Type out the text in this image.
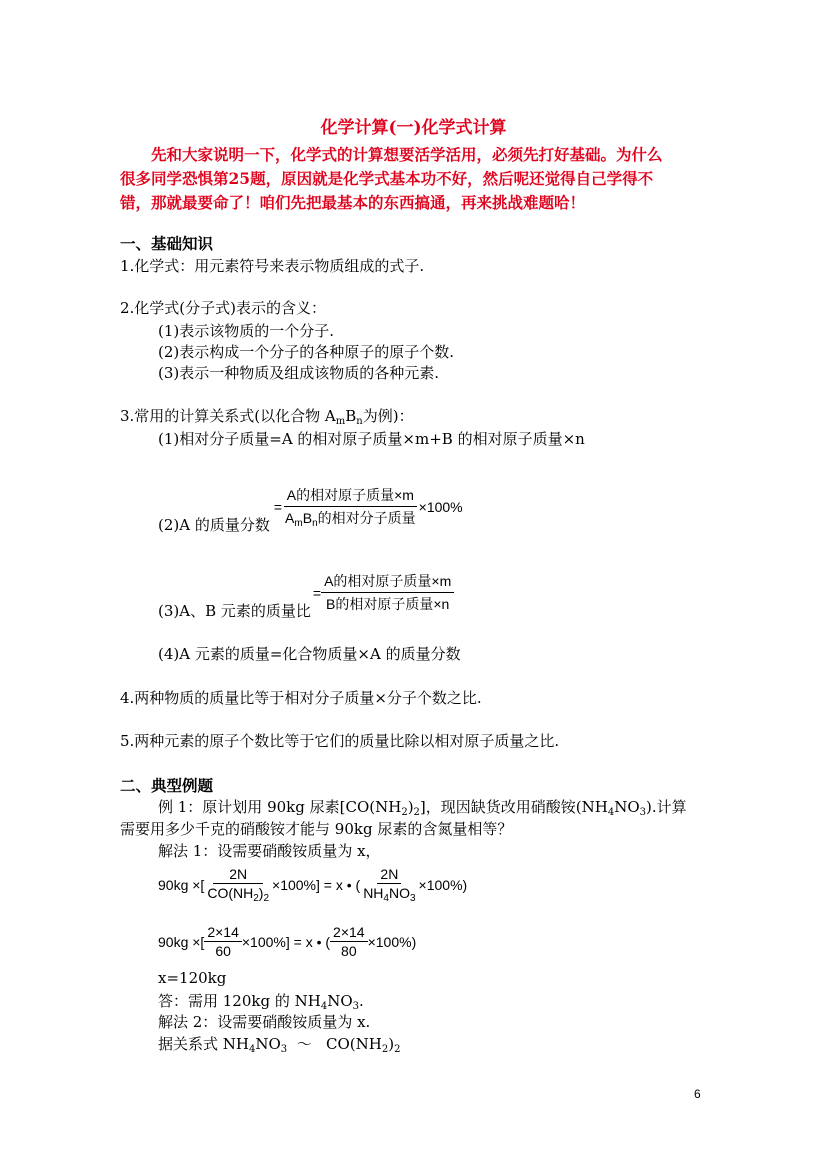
化学计算(一)化学式计算

先和大家说明一下，化学式的计算想要活学活用，必须先打好基础。为什么

很多同学恐惧第25题，原因就是化学式基本功不好，然后呢还觉得自己学得不

错，那就最要命了！咱们先把最基本的东西搞通，再来挑战难题哈！

一、基础知识
1.化学式：用元素符号来表示物质组成的式子.
2.化学式(分子式)表示的含义：
(1)表示该物质的一个分子.
(2)表示构成一个分子的各种原子的原子个数.
(3)表示一种物质及组成该物质的各种元素.
3.常用的计算关系式(以化合物 $A_mB_n$为例)：
(1)相对分子质量=A 的相对原子质量×m+B 的相对原子质量×n
(2)A 的质量分数
= $\frac{\text{A的相对原子质量×m}}{A_mB_n的相对分子质量} \times 100\%$
(3)A、B 元素的质量比
= $\frac{\text{A的相对原子质量×m}}{\text{B的相对原子质量×n}}$
(4)A 元素的质量=化合物质量×A 的质量分数
4.两种物质的质量比等于相对分子质量×分子个数之比.
5.两种元素的原子个数比等于它们的质量比除以相对原子质量之比.
二、典型例题
例 1：原计划用 90kg 尿素$[CO(NH_2)_2]$，现因缺货改用硝酸铵$(NH_4NO_3)$.计算
需要用多少千克的硝酸铵才能与 90kg 尿素的含氮量相等？
解法 1：设需要硝酸铵质量为 x，
90kg ×[ $\frac{2N}{CO(NH_2)_2} \times 100\%] = x$ • ( $\frac{2N}{NH_4NO_3} \times 100\%$)
90kg ×[ $\frac{2\times 14}{60} \times 100\%] = x$ • ( $\frac{2\times 14}{80} \times 100\%$)
x=120kg
答：需用 120kg 的 $NH_4NO_3$.
解法 2：设需要硝酸铵质量为 x.
据关系式 $NH_4NO_3$  ～   $CO(NH_2)_2$
6
